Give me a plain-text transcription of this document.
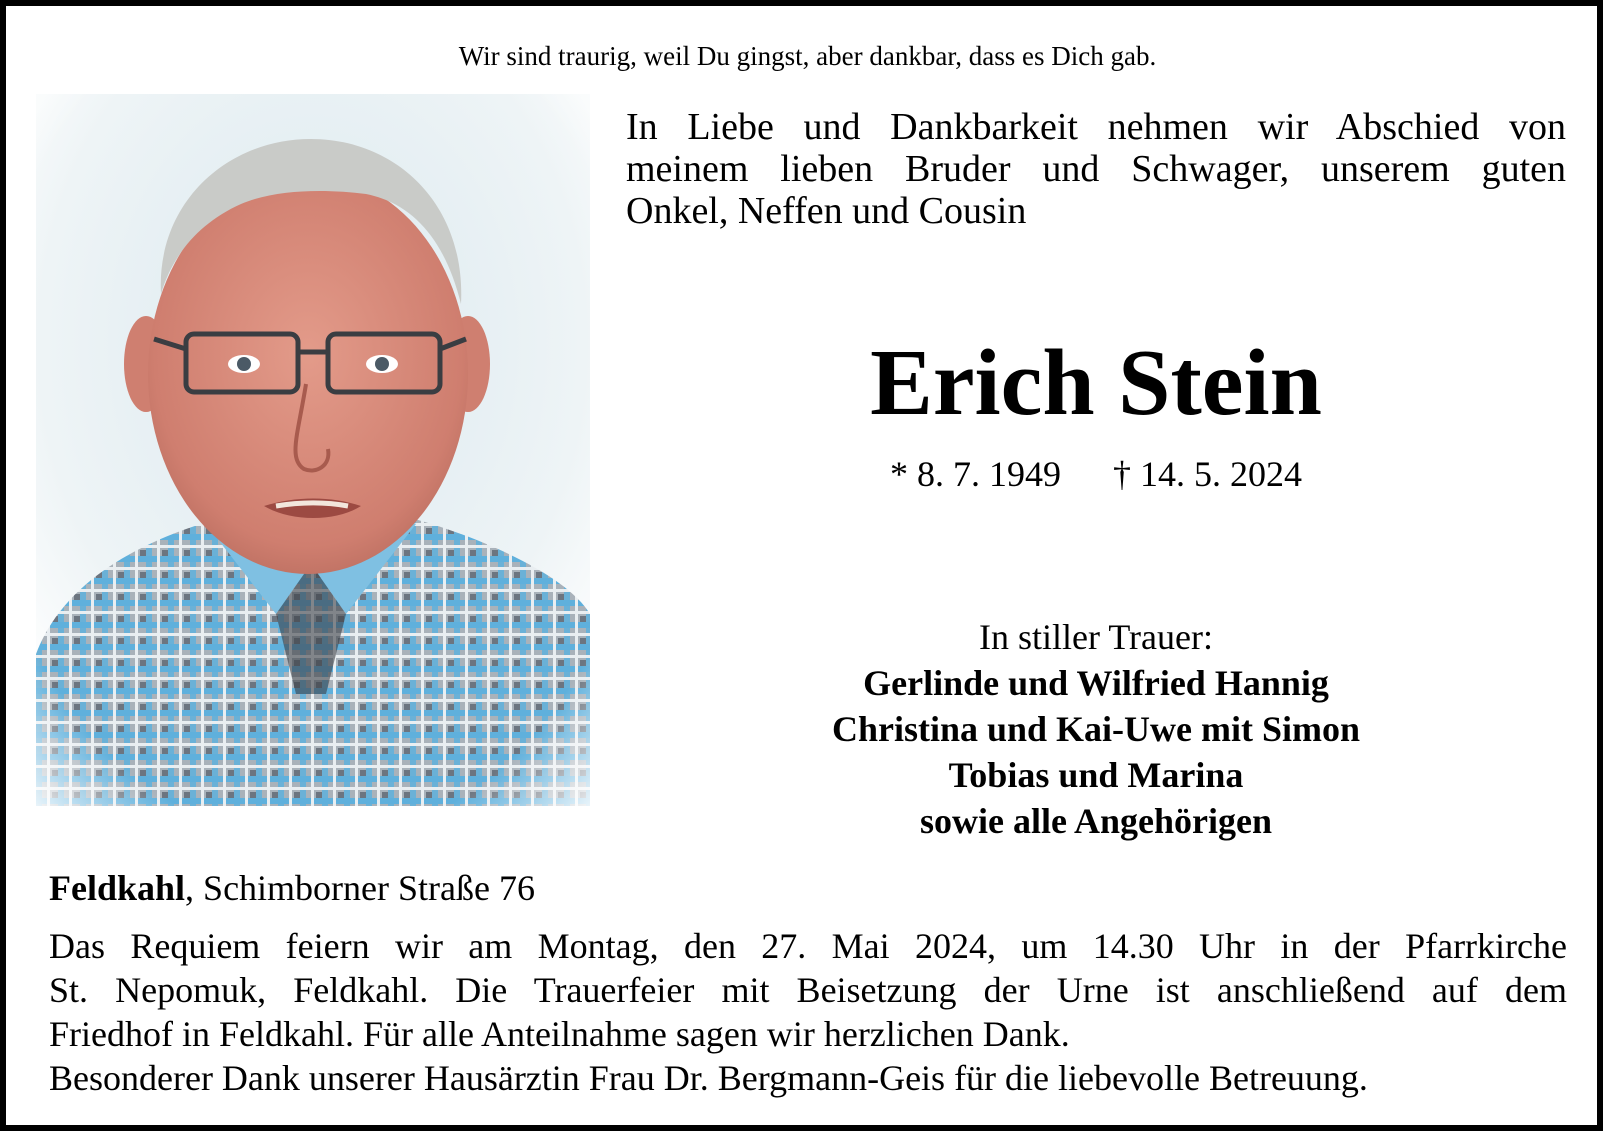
Wir sind traurig, weil Du gingst, aber dankbar, dass es Dich gab.
In Liebe und Dankbarkeit nehmen wir Abschied von
meinem lieben Bruder und Schwager, unserem guten
Onkel, Neffen und Cousin
Erich Stein
* 8. 7. 1949 † 14. 5. 2024
In stiller Trauer:
Gerlinde und Wilfried Hannig
Christina und Kai-Uwe mit Simon
Tobias und Marina
sowie alle Angehörigen
Feldkahl, Schimborner Straße 76
Das Requiem feiern wir am Montag, den 27. Mai 2024, um 14.30 Uhr in der Pfarrkirche
St. Nepomuk, Feldkahl. Die Trauerfeier mit Beisetzung der Urne ist anschließend auf dem
Friedhof in Feldkahl. Für alle Anteilnahme sagen wir herzlichen Dank.
Besonderer Dank unserer Hausärztin Frau Dr. Bergmann-Geis für die liebevolle Betreuung.
